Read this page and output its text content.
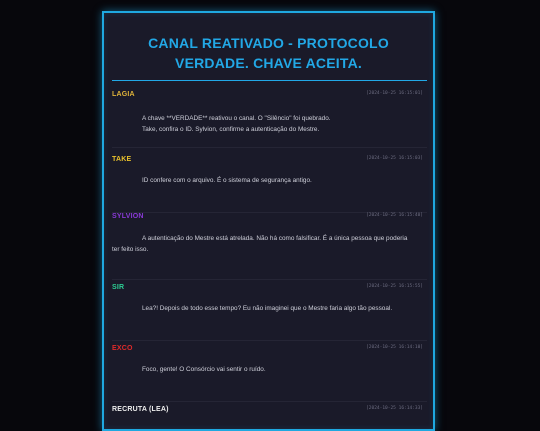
CANAL REATIVADO - PROTOCOLO VERDADE. CHAVE ACEITA.
LAGIA	[2024-10-25 16:15:01]
A chave **VERDADE** reativou o canal. O "Silêncio" foi quebrado.
Take, confira o ID. Sylvion, confirme a autenticação do Mestre.
TAKE	[2024-10-25 16:15:03]
ID confere com o arquivo. É o sistema de segurança antigo.
SYLVION	[2024-10-25 16:15:40]
A autenticação do Mestre está atrelada. Não há como falsificar. É a única pessoa que poderia
ter feito isso.
SIR	[2024-10-25 16:15:55]
Lea?! Depois de todo esse tempo? Eu não imaginei que o Mestre faria algo tão pessoal.
EXCO	[2024-10-25 16:14:10]
Foco, gente! O Consórcio vai sentir o ruído.
RECRUTA (LEA)	[2024-10-25 16:14:33]
